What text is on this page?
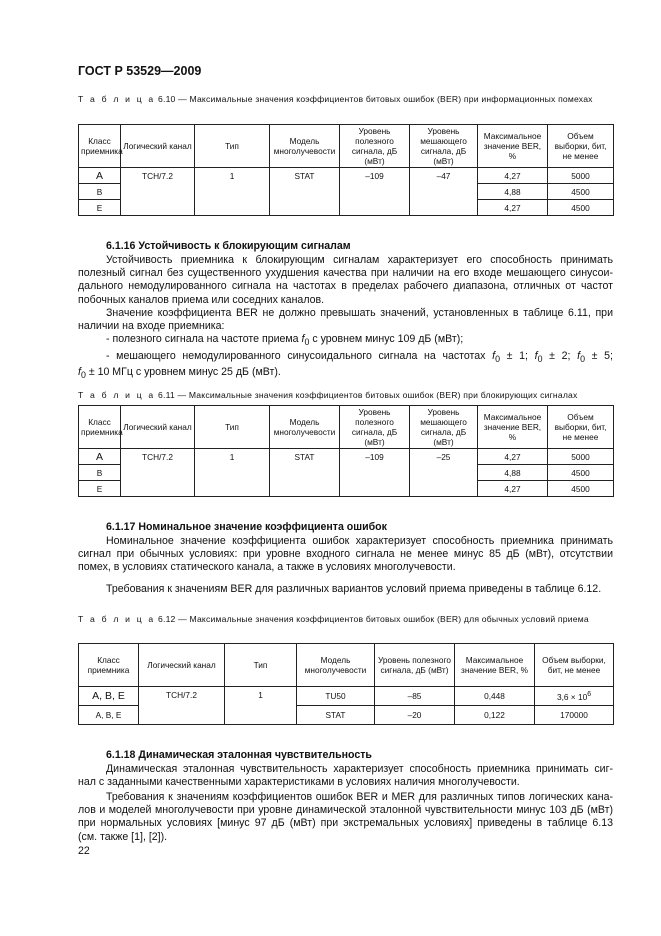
ГОСТ Р 53529—2009
Т а б л и ц а 6.10 — Максимальные значения коэффициентов битовых ошибок (BER) при информационных помехах
Класс приемника	Логический канал	Тип	Модель многолучевости	Уровень полезного сигнала, дБ (мВт)	Уровень мешающего сигнала, дБ (мВт)	Максимальное значение BER, %	Объем выборки, бит, не менее
A	TCH/7.2	1	STAT	–109	–47	4,27	5000
B						4,88	4500
E						4,27	4500
6.1.16 Устойчивость к блокирующим сигналам
Устойчивость приемника к блокирующим сигналам характеризует его способность принимать
полезный сигнал без существенного ухудшения качества при наличии на его входе мешающего синусои-
дального немодулированного сигнала на частотах в пределах рабочего диапазона, отличных от частот
побочных каналов приема или соседних каналов.
Значение коэффициента BER не должно превышать значений, установленных в таблице 6.11, при
наличии на входе приемника:
- полезного сигнала на частоте приема $f_0$ с уровнем минус 109 дБ (мВт);
- мешающего немодулированного синусоидального сигнала на частотах $f_0 \pm 1$; $f_0 \pm 2$; $f_0 \pm 5$;
$f_0 \pm 10$ МГц с уровнем минус 25 дБ (мВт).
Т а б л и ц а 6.11 — Максимальные значения коэффициентов битовых ошибок (BER) при блокирующих сигналах
Класс приемника	Логический канал	Тип	Модель многолучевости	Уровень полезного сигнала, дБ (мВт)	Уровень мешающего сигнала, дБ (мВт)	Максимальное значение BER, %	Объем выборки, бит, не менее
A	TCH/7.2	1	STAT	–109	–25	4,27	5000
B						4,88	4500
E						4,27	4500
6.1.17 Номинальное значение коэффициента ошибок
Номинальное значение коэффициента ошибок характеризует способность приемника принимать
сигнал при обычных условиях: при уровне входного сигнала не менее минус 85 дБ (мВт), отсутствии
помех, в условиях статического канала, а также в условиях многолучевости.
Требования к значениям BER для различных вариантов условий приема приведены в таблице 6.12.
Т а б л и ц а 6.12 — Максимальные значения коэффициентов битовых ошибок (BER) для обычных условий приема
Класс приемника	Логический канал	Тип	Модель многолучевости	Уровень полезного сигнала, дБ (мВт)	Максимальное значение BER, %	Объем выборки, бит, не менее
A, B, E	TCH/7.2	1	TU50	–85	0,448	$3,6 \times 10^6$
A, B, E			STAT	–20	0,122	170000
6.1.18 Динамическая эталонная чувствительность
Динамическая эталонная чувствительность характеризует способность приемника принимать сиг-
нал с заданными качественными характеристиками в условиях наличия многолучевости.
Требования к значениям коэффициентов ошибок BER и MER для различных типов логических кана-
лов и моделей многолучевости при уровне динамической эталонной чувствительности минус 103 дБ (мВт)
при нормальных условиях [минус 97 дБ (мВт) при экстремальных условиях] приведены в таблице 6.13
(см. также [1], [2]).
22
